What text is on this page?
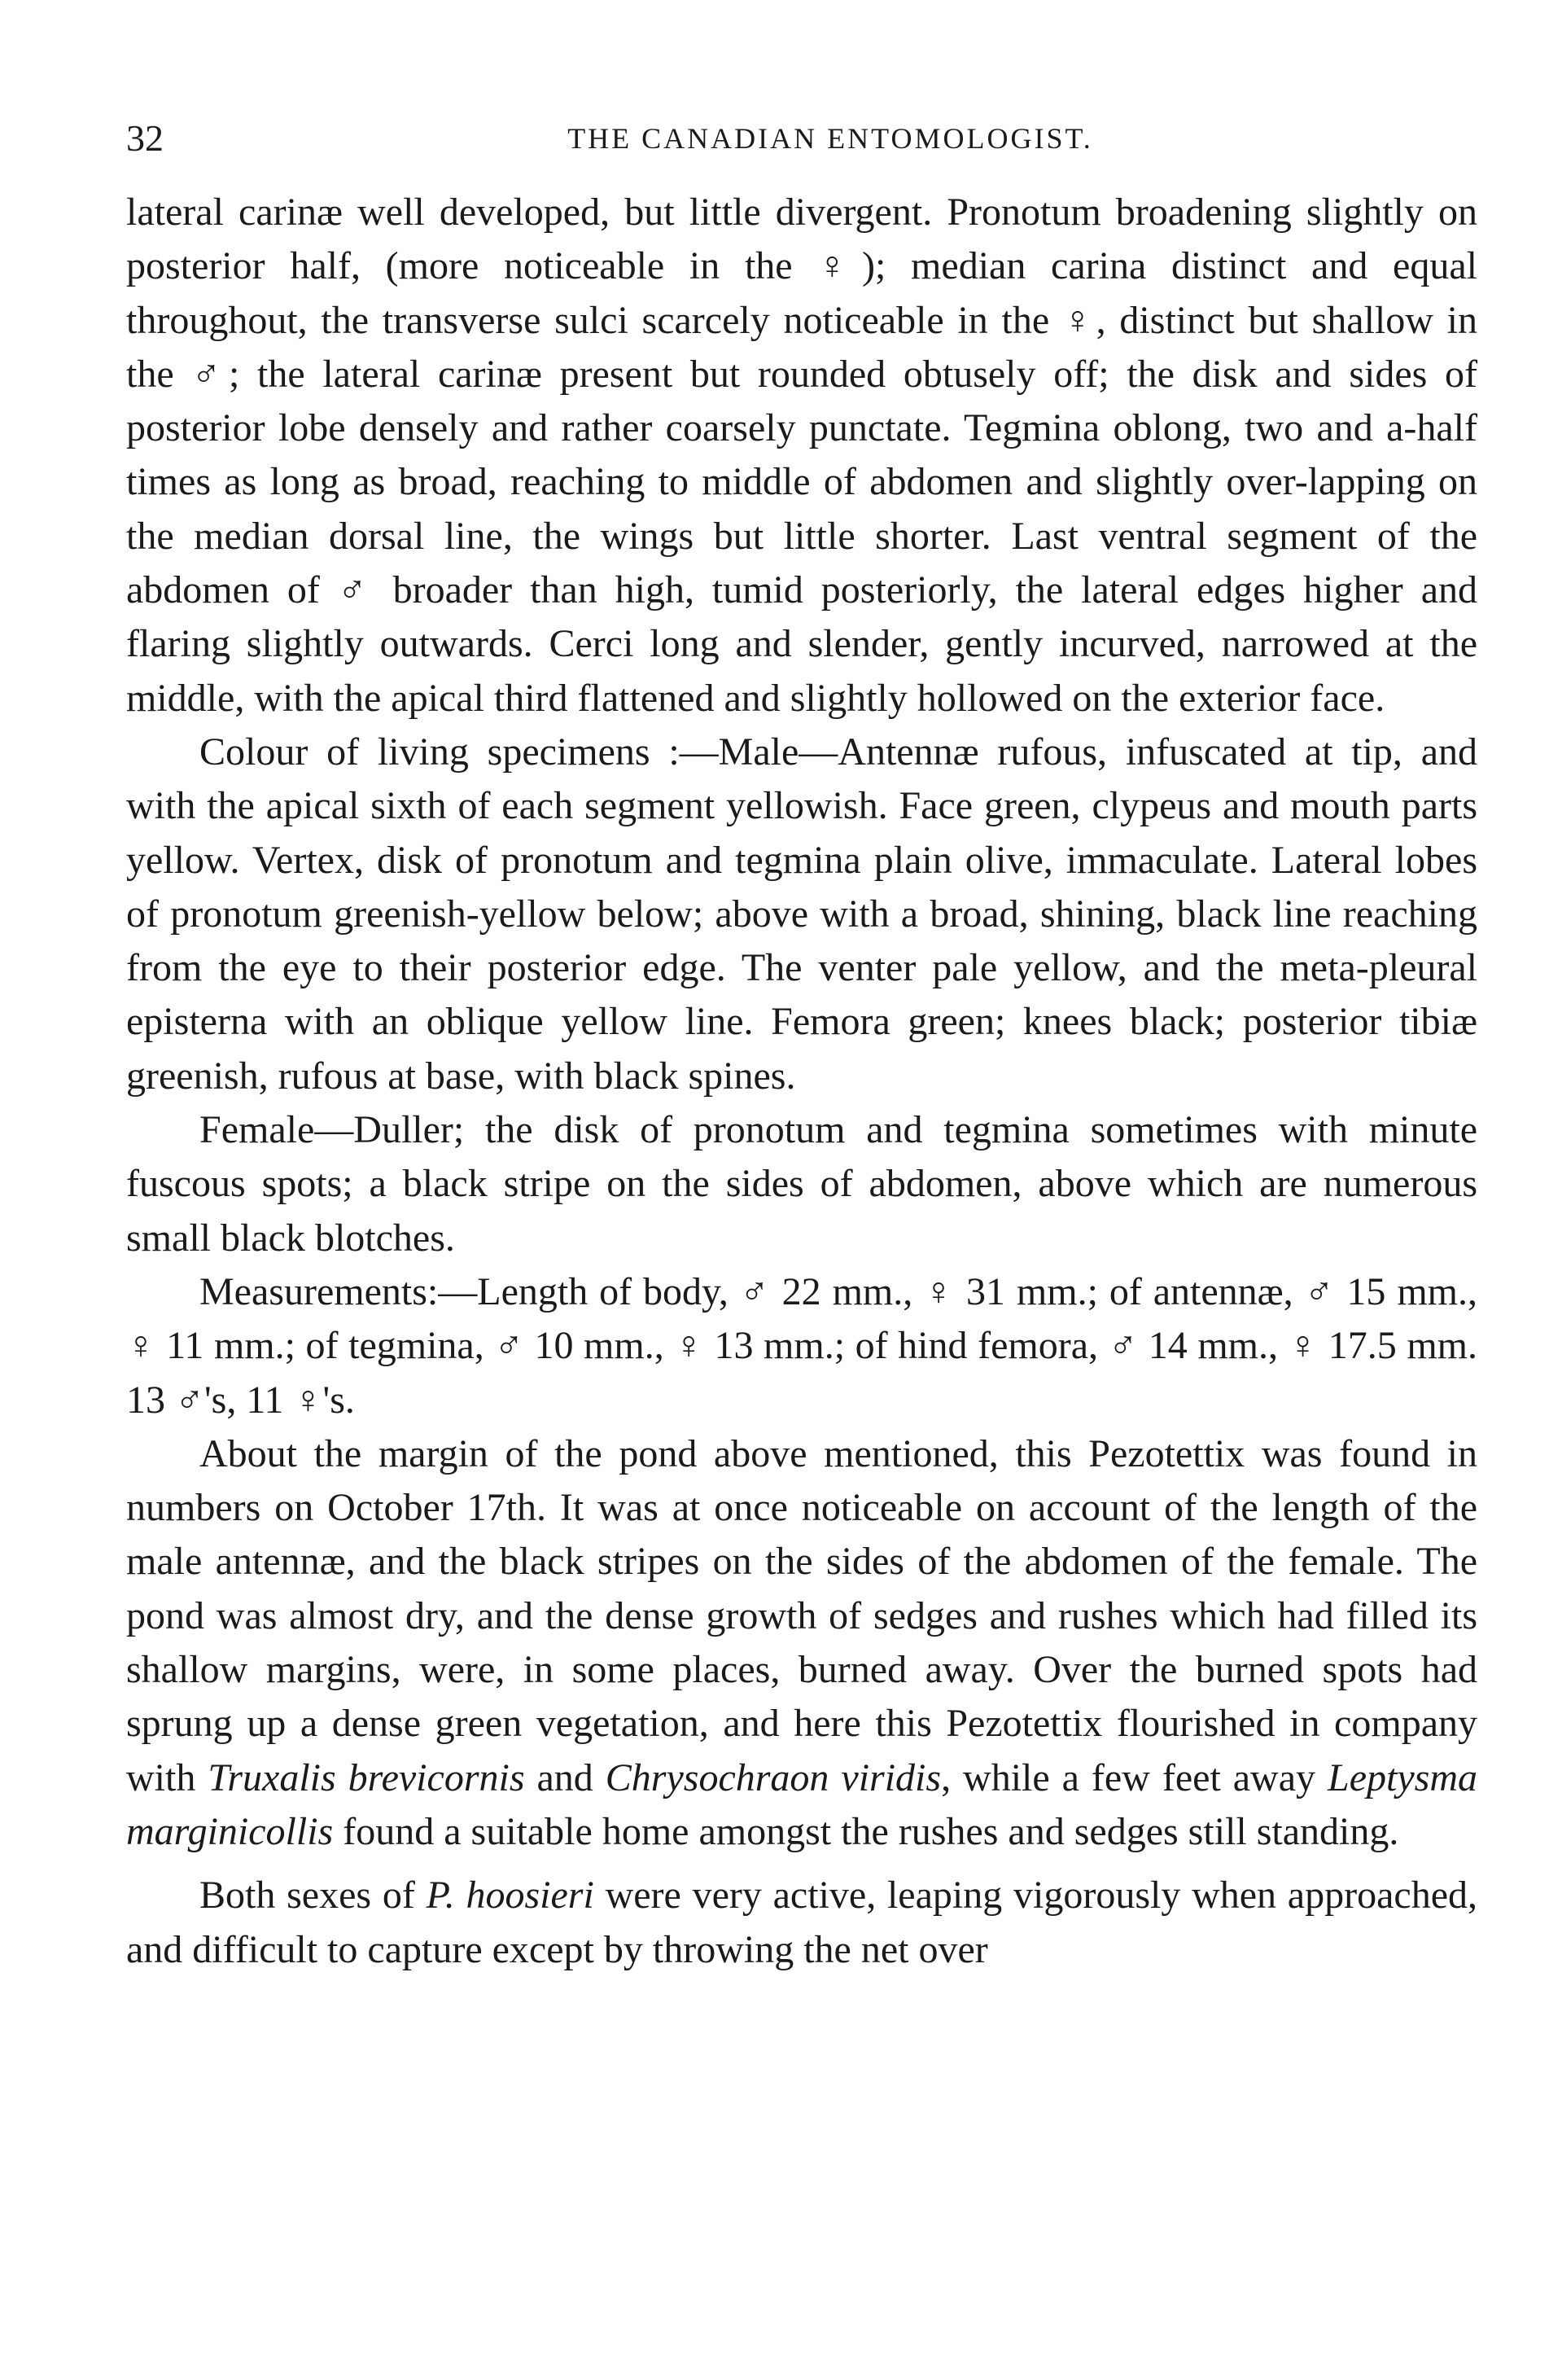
32	THE CANADIAN ENTOMOLOGIST.

lateral carinæ well developed, but little divergent. Pronotum broadening slightly on posterior half, (more noticeable in the ♀); median carina distinct and equal throughout, the transverse sulci scarcely noticeable in the ♀, distinct but shallow in the ♂; the lateral carinæ present but rounded obtusely off; the disk and sides of posterior lobe densely and rather coarsely punctate. Tegmina oblong, two and a-half times as long as broad, reaching to middle of abdomen and slightly over-lapping on the median dorsal line, the wings but little shorter. Last ventral segment of the abdomen of ♂ broader than high, tumid posteriorly, the lateral edges higher and flaring slightly outwards. Cerci long and slender, gently incurved, narrowed at the middle, with the apical third flattened and slightly hollowed on the exterior face.

Colour of living specimens :—Male—Antennæ rufous, infuscated at tip, and with the apical sixth of each segment yellowish. Face green, clypeus and mouth parts yellow. Vertex, disk of pronotum and tegmina plain olive, immaculate. Lateral lobes of pronotum greenish-yellow below; above with a broad, shining, black line reaching from the eye to their posterior edge. The venter pale yellow, and the meta-pleural episterna with an oblique yellow line. Femora green; knees black; posterior tibiæ greenish, rufous at base, with black spines.

Female—Duller; the disk of pronotum and tegmina sometimes with minute fuscous spots; a black stripe on the sides of abdomen, above which are numerous small black blotches.

Measurements:—Length of body, ♂ 22 mm., ♀ 31 mm.; of antennæ, ♂ 15 mm., ♀ 11 mm.; of tegmina, ♂ 10 mm., ♀ 13 mm.; of hind femora, ♂ 14 mm., ♀ 17.5 mm. 13 ♂'s, 11 ♀'s.

About the margin of the pond above mentioned, this Pezotettix was found in numbers on October 17th. It was at once noticeable on account of the length of the male antennæ, and the black stripes on the sides of the abdomen of the female. The pond was almost dry, and the dense growth of sedges and rushes which had filled its shallow margins, were, in some places, burned away. Over the burned spots had sprung up a dense green vegetation, and here this Pezotettix flourished in company with Truxalis brevicornis and Chrysochraon viridis, while a few feet away Leptysma marginicollis found a suitable home amongst the rushes and sedges still standing.

Both sexes of P. hoosieri were very active, leaping vigorously when approached, and difficult to capture except by throwing the net over
